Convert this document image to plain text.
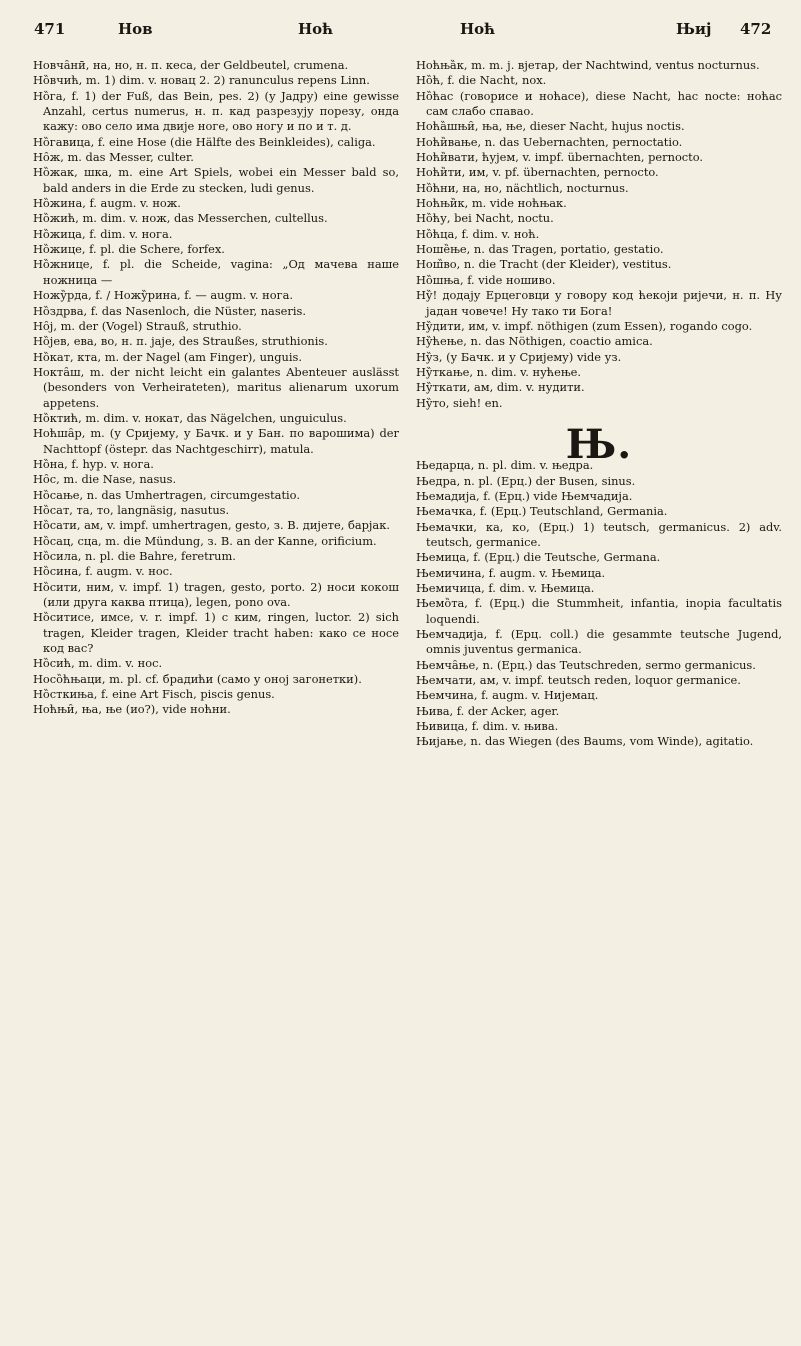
471	Нов	Ноћ	Ноћ	Њиј 472

Новча̑нӣ, на, но, н. п. кеса, der Geldbeutel, crumena.

Но̏вчић, m. 1) dim. v. новац 2. 2) ranunculus repens Linn.

Но̏га, f. 1) der Fuß, das Bein, pes. 2) (у Јадру) eine gewisse Anzahl, certus numerus, н. п. кад разрезују порезу, онда кажу: ово село има двије ноге, ово ногу и по и т. д.

Но̏гавица, f. eine Hose (die Hälfte des Beinkleides), caliga.

Но̑ж, m. das Messer, culter.

Но̏жак, шка, m. eine Art Spiels, wobei ein Messer bald so, bald anders in die Erde zu stecken, ludi genus.

Но̏жина, f. augm. v. нож.

Но̏жић, m. dim. v. нож, das Messerchen, cultellus.

Но̏жица, f. dim. v. нога.

Но̏жице, f. pl. die Schere, forfex.

Но̏жнице, f. pl. die Scheide, vagina: „Од мачева наше ножница —

Ножу̏рда, f. / Ножу̏рина, f. — augm. v. нога.

Но̏здрва, f. das Nasenloch, die Nüster, naseris.

Но̑ј, m. der (Vogel) Strauß, struthio.

Но̏јев, ева, во, н. п. јаје, des Straußes, struthionis.

Но̏кат, кта, m. der Nagel (am Finger), unguis.

Нокта̑ш, m. der nicht leicht ein galantes Abenteuer auslässt (besonders von Verheirateten), maritus alienarum uxorum appetens.

Но̏ктић, m. dim. v. нокат, das Nägelchen, unguiculus.

Ноћша̑р, m. (у Сријему, у Бачк. и у Бан. по варошима) der Nachttopf (östeрr. das Nachtgeschirr), matula.

Но̏на, f. hyp. v. нога.

Но̑с, m. die Nase, nasus.

Но̏сање, n. das Umhertragen, circumgestatio.

Но̏сат, та, то, langnäsig, nasutus.

Но̏сати, ам, v. impf. umhertragen, gesto, з. В. дијете, барјак.

Но̏сац, сца, m. die Mündung, з. В. an der Kanne, orificium.

Но̏сила, n. pl. die Bahre, feretrum.

Но̏сина, f. augm. v. нос.

Но̏сити, ним, v. impf. 1) tragen, gesto, porto. 2) носи кокош (или друга каква птица), legen, pono ova.

Но̏ситисе, имсе, v. r. impf. 1) с ким, ringen, luctor. 2) sich tragen, Kleider tragen, Kleider tracht haben: како се носе код вас?

Но̏сић, m. dim. v. нос.

Носо̏ћњаци, m. pl. cf. брадићи (само у оној загонетки).

Но̏сткиња, f. eine Art Fisch, piscis genus.

Ноћњи̑, ња, ње (ио?), vide ноћни.

Ноћња̏к, m. m. ј. вјетар, der Nachtwind, ventus nocturnus.

Но̏ћ, f. die Nacht, nox.

Но̏ћас (говорисе и ноћасе), diese Nacht, hac nocte: ноћас сам слабо спавао.

Ноћа̏шњи̑, ња, ње, dieser Nacht, hujus noctis.

Ноћи̏вање, n. das Uebernachten, pernoctatio.

Ноћи̏вати, ћујем, v. impf. übernachten, pernocto.

Ноћи̏ти, им, v. pf. übernachten, pernocto.

Но̏ћни, на, но, nächtlich, nocturnus.

Ноћњи̏к, m. vide ноћњак.

Но̏ћу, bei Nacht, noctu.

Но̏ћца, f. dim. v. ноћ.

Ноше̏ње, n. das Tragen, portatio, gestatio.

Нош̏во, n. die Tracht (der Kleider), vestitus.

Но̏шња, f. vide ношиво.

Ну̏! додају Ерцеговци у говору код ћекоји ријечи, н. п. Ну јадан човече! Ну тако ти Бога!

Ну̏дити, им, v. impf. nöthigen (zum Essen), rogando cogo.

Ну̏ћење, n. das Nöthigen, coactio amica.

Ну̏з, (у Бачк. и у Сријему) vide уз.

Ну̏ткање, n. dim. v. нућење.

Ну̏ткати, ам, dim. v. нудити.

Ну̏то, sieh! en.

Њ.

Њедарца, n. pl. dim. v. њедра.

Њедра, n. pl. (Ерц.) der Busen, sinus.

Њемадија, f. (Ерц.) vide Њемчадија.

Њемачка, f. (Ерц.) Teutschland, Germania.

Њемачки, ка, ко, (Ерц.) 1) teutsch, germanicus. 2) adv. teutsch, germanice.

Њемица, f. (Ерц.) die Teutsche, Germana.

Њемичина, f. augm. v. Њемица.

Њемичица, f. dim. v. Њемица.

Њемо̏та, f. (Ерц.) die Stummheit, infantia, inopia facultatis loquendi.

Њемчадија, f. (Ерц. coll.) die gesammte teutsche Jugend, omnis juventus germanica.

Њемча̑ње, n. (Ерц.) das Teutschreden, sermo germanicus.

Њемчати, ам, v. impf. teutsch reden, loquor germanice.

Њемчина, f. augm. v. Нијемац.

Њива, f. der Acker, ager.

Њивица, f. dim. v. њива.

Њијање, n. das Wiegen (des Baums, vom Winde), agitatio.
